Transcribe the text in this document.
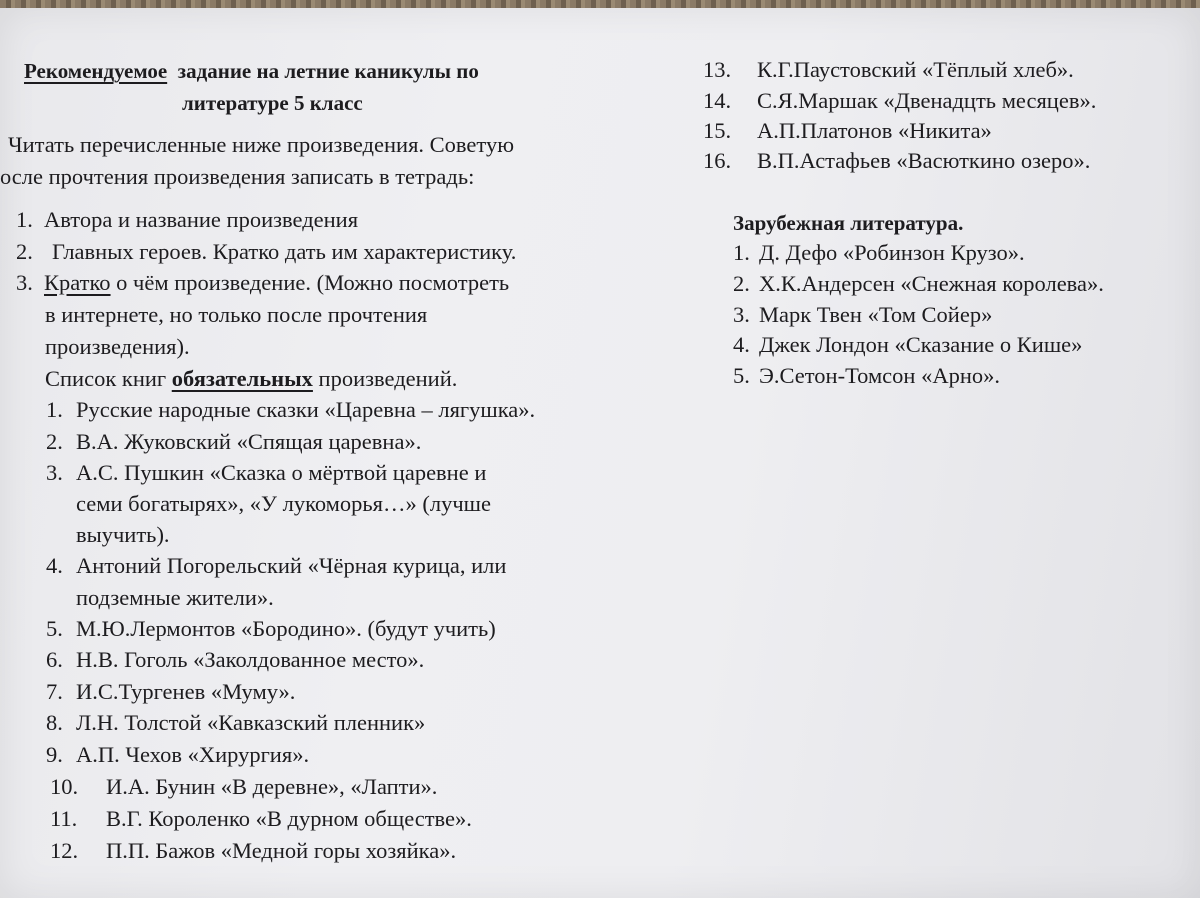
Рекомендуемое задание на летние каникулы по
литературе 5 класс
Читать перечисленные ниже произведения. Советую
осле прочтения произведения записать в тетрадь:
1. Автора и название произведения
2. Главных героев. Кратко дать им характеристику.
3. Кратко о чём произведение. (Можно посмотреть
в интернете, но только после прочтения
произведения).
Список книг обязательных произведений.
1. Русские народные сказки «Царевна – лягушка».
2. В.А. Жуковский «Спящая царевна».
3. А.С. Пушкин «Сказка о мёртвой царевне и
семи богатырях», «У лукоморья…» (лучше
выучить).
4. Антоний Погорельский «Чёрная курица, или
подземные жители».
5. М.Ю.Лермонтов «Бородино». (будут учить)
6. Н.В. Гоголь «Заколдованное место».
7. И.С.Тургенев «Муму».
8. Л.Н. Толстой «Кавказский пленник»
9. А.П. Чехов «Хирургия».
10. И.А. Бунин «В деревне», «Лапти».
11. В.Г. Короленко «В дурном обществе».
12. П.П. Бажов «Медной горы хозяйка».
13. К.Г.Паустовский «Тёплый хлеб».
14. С.Я.Маршак «Двенадцть месяцев».
15. А.П.Платонов «Никита»
16. В.П.Астафьев «Васюткино озеро».
Зарубежная литература.
1. Д. Дефо «Робинзон Крузо».
2. Х.К.Андерсен «Снежная королева».
3. Марк Твен «Том Сойер»
4. Джек Лондон «Сказание о Кише»
5. Э.Сетон-Томсон «Арно».
